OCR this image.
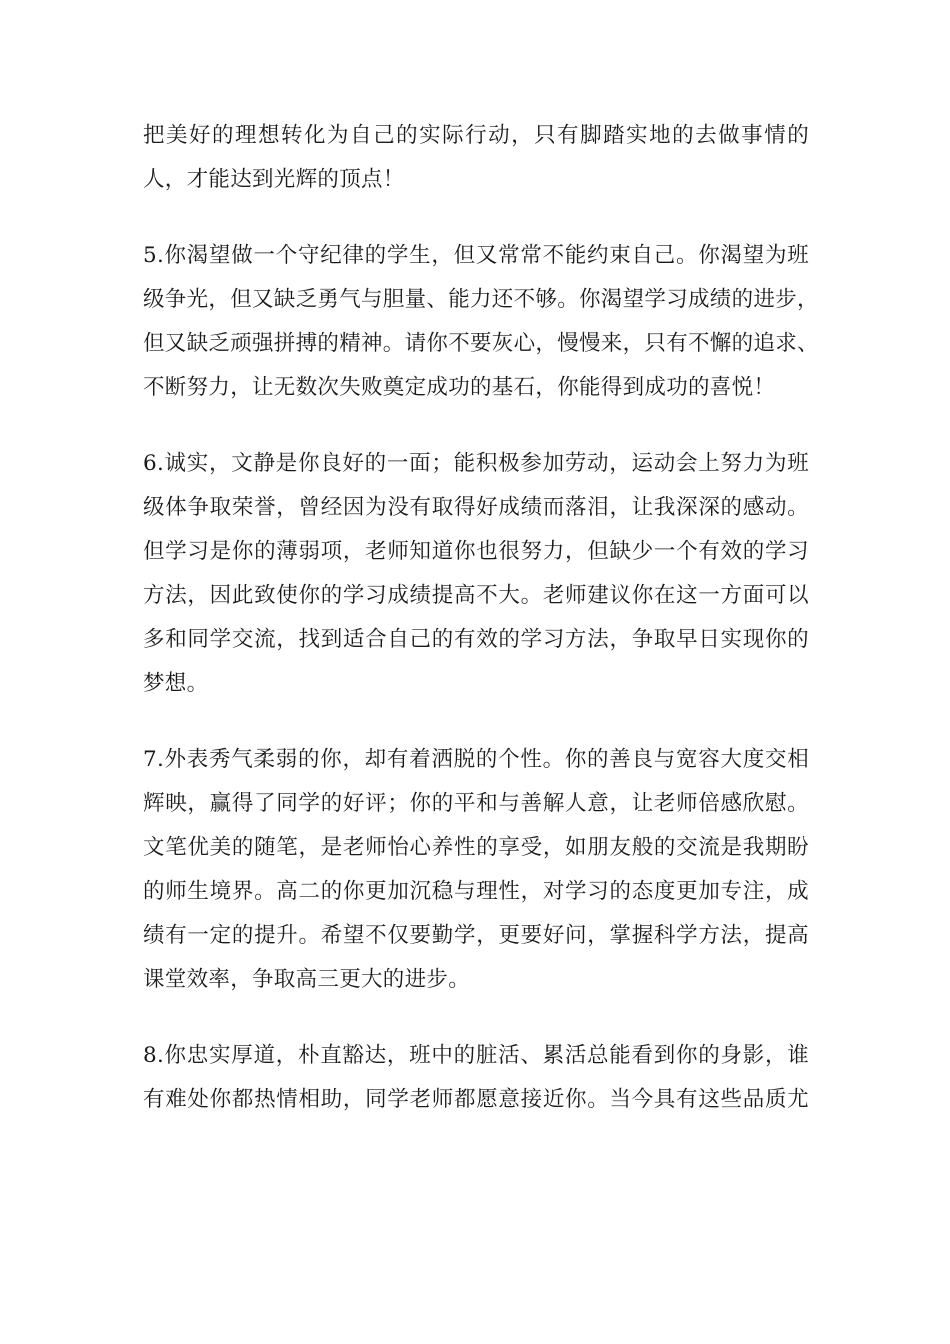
把美好的理想转化为自己的实际行动，只有脚踏实地的去做事情的
人，才能达到光辉的顶点！
5.你渴望做一个守纪律的学生，但又常常不能约束自己。你渴望为班
级争光，但又缺乏勇气与胆量、能力还不够。你渴望学习成绩的进步，
但又缺乏顽强拼搏的精神。请你不要灰心，慢慢来，只有不懈的追求、
不断努力，让无数次失败奠定成功的基石，你能得到成功的喜悦！
6.诚实，文静是你良好的一面；能积极参加劳动，运动会上努力为班
级体争取荣誉，曾经因为没有取得好成绩而落泪，让我深深的感动。
但学习是你的薄弱项，老师知道你也很努力，但缺少一个有效的学习
方法，因此致使你的学习成绩提高不大。老师建议你在这一方面可以
多和同学交流，找到适合自己的有效的学习方法，争取早日实现你的
梦想。
7.外表秀气柔弱的你，却有着洒脱的个性。你的善良与宽容大度交相
辉映，赢得了同学的好评；你的平和与善解人意，让老师倍感欣慰。
文笔优美的随笔，是老师怡心养性的享受，如朋友般的交流是我期盼
的师生境界。高二的你更加沉稳与理性，对学习的态度更加专注，成
绩有一定的提升。希望不仅要勤学，更要好问，掌握科学方法，提高
课堂效率，争取高三更大的进步。
8.你忠实厚道，朴直豁达，班中的脏活、累活总能看到你的身影，谁
有难处你都热情相助，同学老师都愿意接近你。当今具有这些品质尤
